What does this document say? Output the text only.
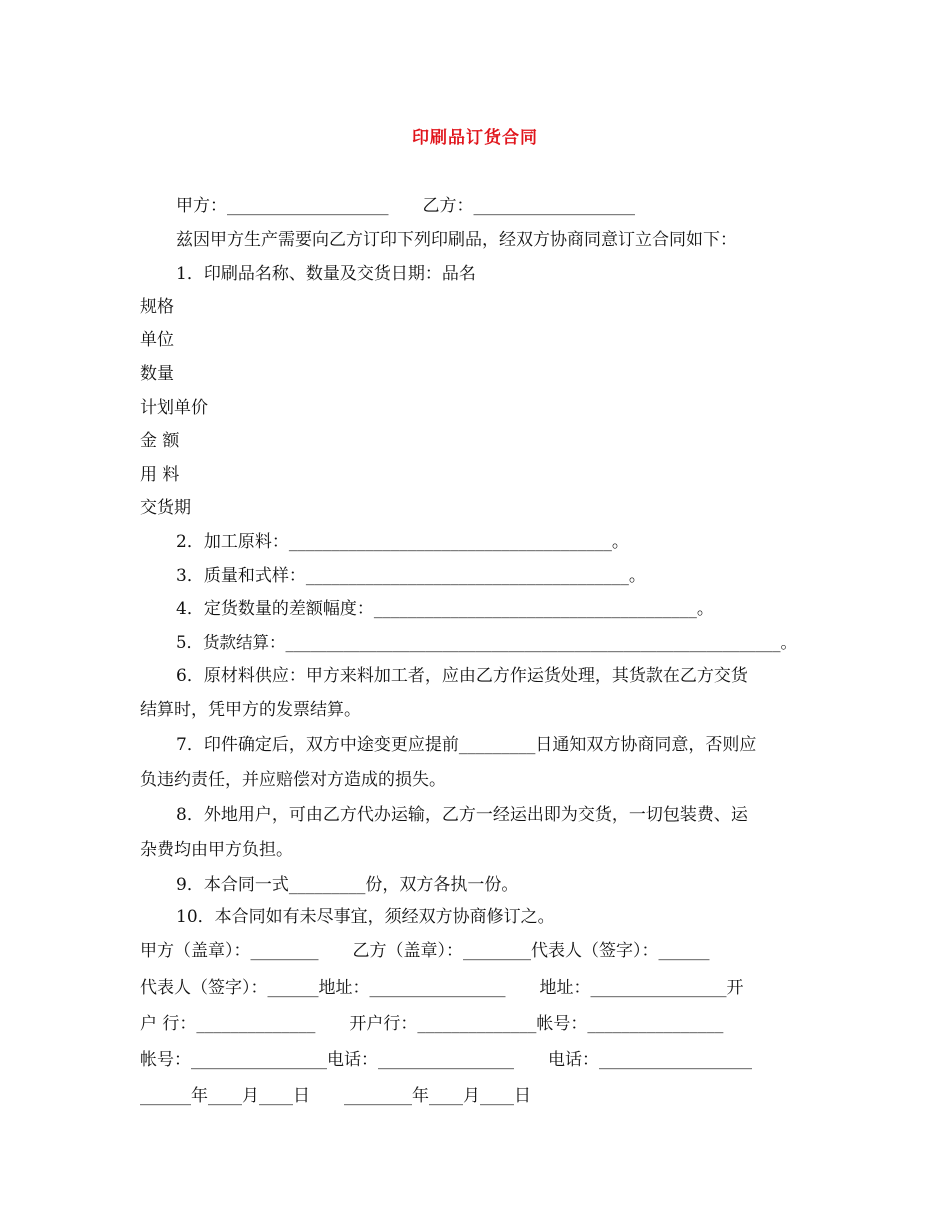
印刷品订货合同
甲方：___________________　　乙方：___________________
兹因甲方生产需要向乙方订印下列印刷品，经双方协商同意订立合同如下：
1．印刷品名称、数量及交货日期：品名
规格
单位
数量
计划单价
金 额
用 料
交货期
2．加工原料：______________________________________。
3．质量和式样：______________________________________。
4．定货数量的差额幅度：______________________________________。
5．货款结算：____________________________________________________________。
6．原材料供应：甲方来料加工者，应由乙方作运货处理，其货款在乙方交货
结算时，凭甲方的发票结算。
7．印件确定后，双方中途变更应提前_________日通知双方协商同意，否则应
负违约责任，并应赔偿对方造成的损失。
8．外地用户，可由乙方代办运输，乙方一经运出即为交货，一切包装费、运
杂费均由甲方负担。
9．本合同一式_________份，双方各执一份。
10．本合同如有未尽事宜，须经双方协商修订之。
甲方（盖章）：________　　乙方（盖章）：________代表人（签字）：______
代表人（签字）：______地址：________________　　地址：________________开
户 行：______________　　开户行：______________帐号：________________
帐号：________________电话：________________　　电话：__________________
______年____月____日　　________年____月____日
